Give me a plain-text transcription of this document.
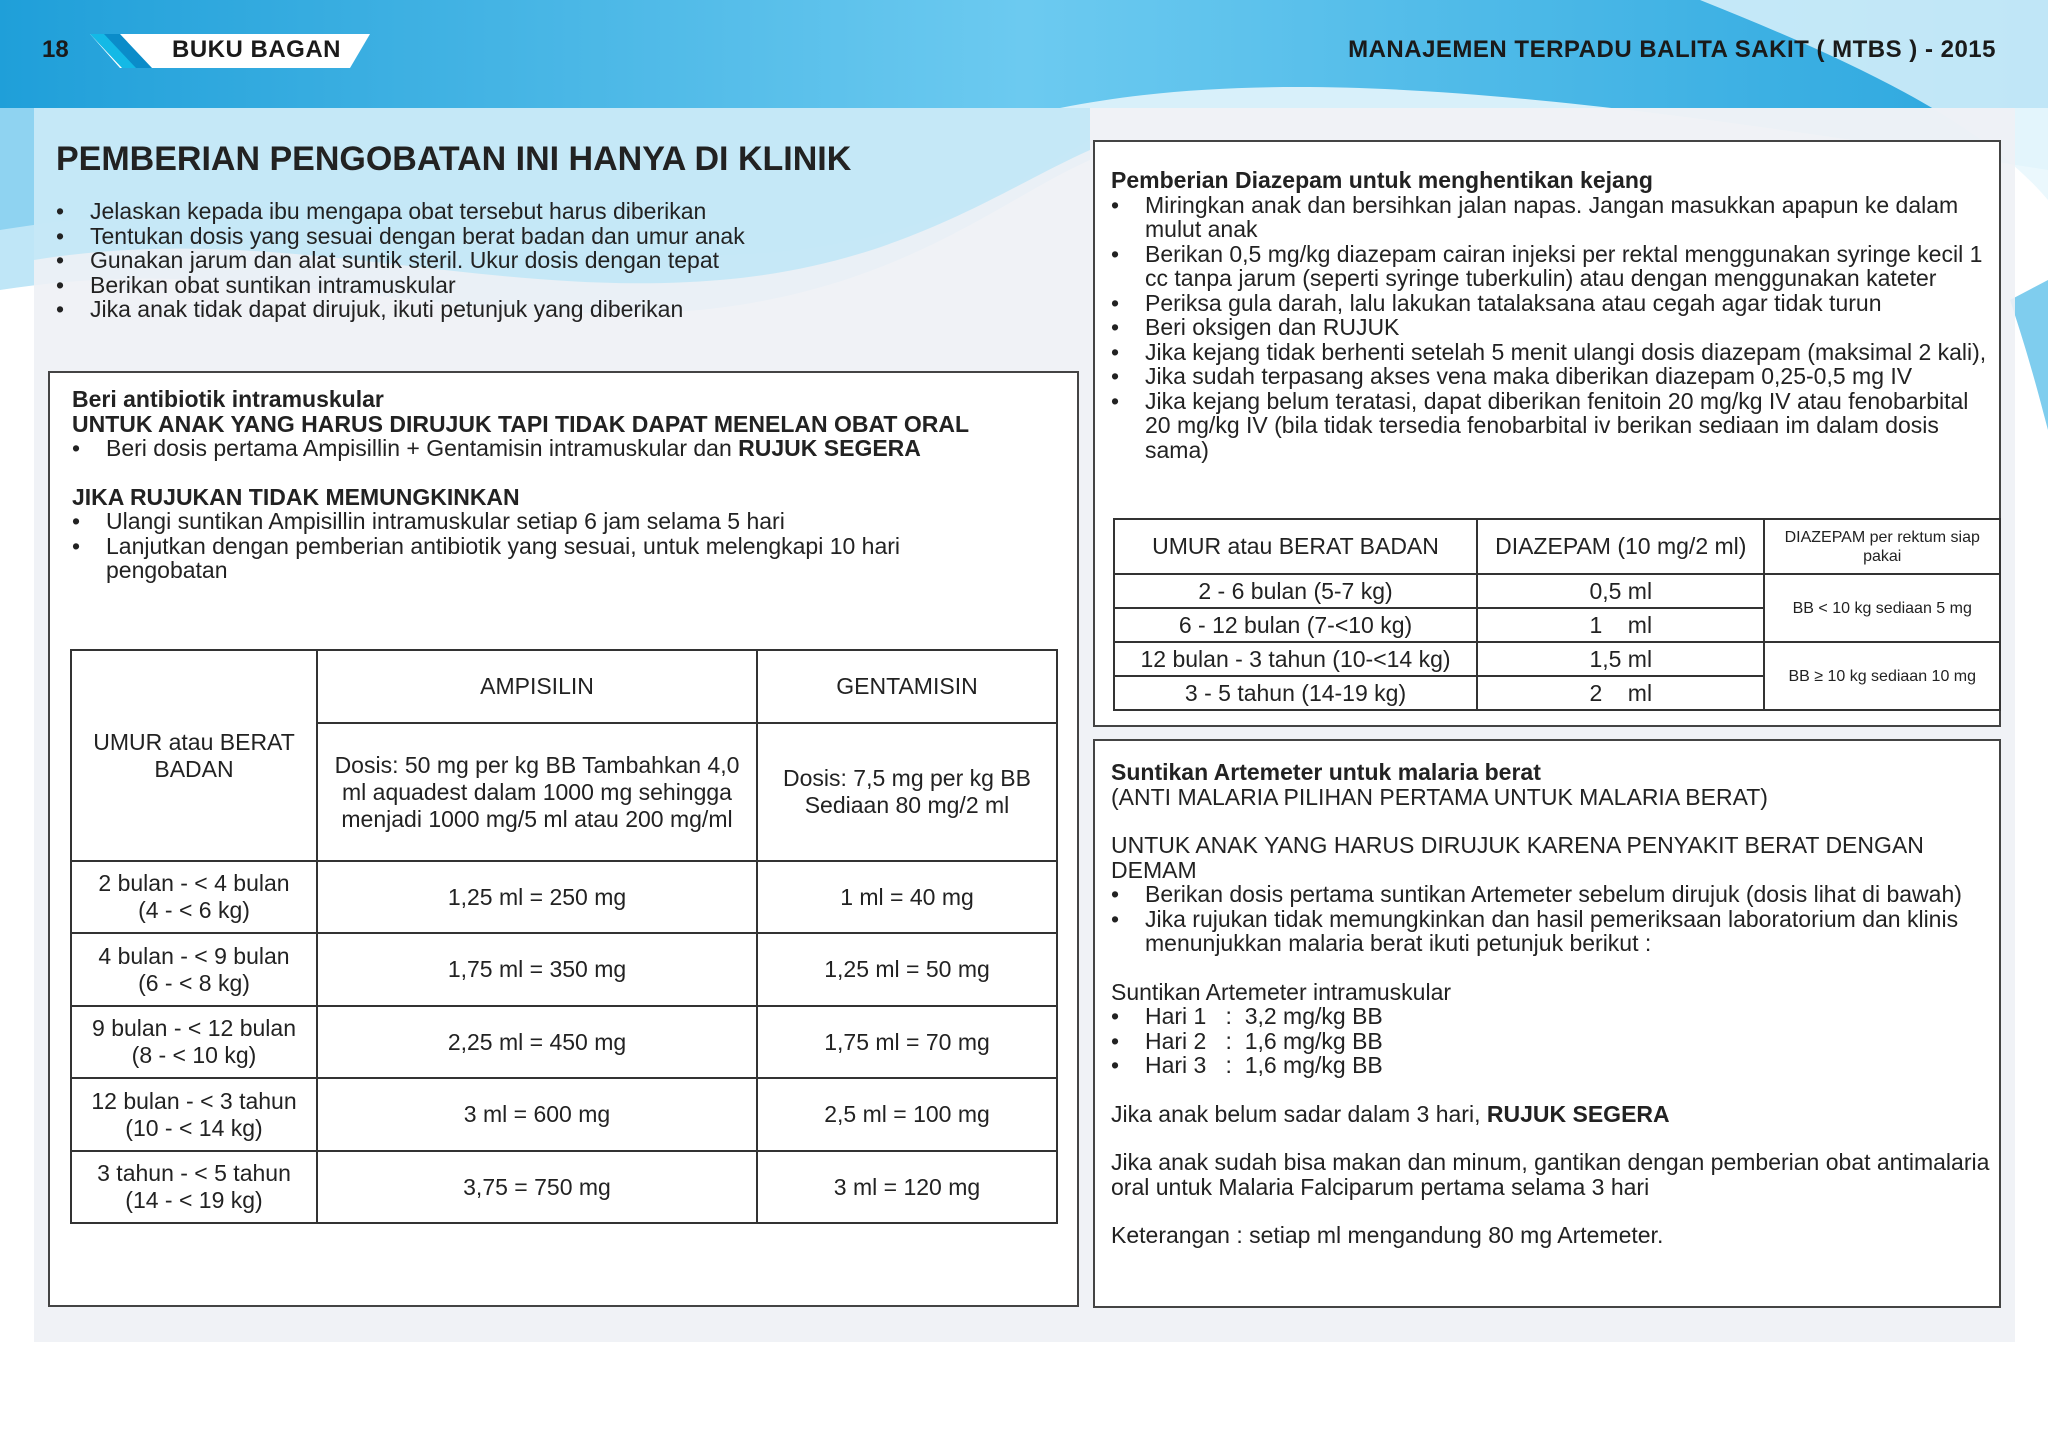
18	BUKU BAGAN	MANAJEMEN TERPADU BALITA SAKIT ( MTBS ) - 2015
PEMBERIAN PENGOBATAN INI HANYA DI KLINIK
• Jelaskan kepada ibu mengapa obat tersebut harus diberikan
• Tentukan dosis yang sesuai dengan berat badan dan umur anak
• Gunakan jarum dan alat suntik steril. Ukur dosis dengan tepat
• Berikan obat suntikan intramuskular
• Jika anak tidak dapat dirujuk, ikuti petunjuk yang diberikan
Beri antibiotik intramuskular
UNTUK ANAK YANG HARUS DIRUJUK TAPI TIDAK DAPAT MENELAN OBAT ORAL
• Beri dosis pertama Ampisillin + Gentamisin intramuskular dan RUJUK SEGERA
JIKA RUJUKAN TIDAK MEMUNGKINKAN
• Ulangi suntikan Ampisillin intramuskular setiap 6 jam selama 5 hari
• Lanjutkan dengan pemberian antibiotik yang sesuai, untuk melengkapi 10 hari pengobatan
UMUR atau BERAT BADAN	AMPISILIN	GENTAMISIN
	Dosis: 50 mg per kg BB Tambahkan 4,0 ml aquadest dalam 1000 mg sehingga menjadi 1000 mg/5 ml atau 200 mg/ml	Dosis: 7,5 mg per kg BB Sediaan 80 mg/2 ml

2 bulan - < 4 bulan
(4 - < 6 kg)	1,25 ml = 250 mg	1 ml = 40 mg

4 bulan - < 9 bulan
(6 - < 8 kg)	1,75 ml = 350 mg	1,25 ml = 50 mg

9 bulan - < 12 bulan
(8 - < 10 kg)	2,25 ml = 450 mg	1,75 ml = 70 mg

12 bulan - < 3 tahun
(10 - < 14 kg)	3 ml = 600 mg	2,5 ml = 100 mg

3 tahun - < 5 tahun
(14 - < 19 kg)	3,75 = 750 mg	3 ml = 120 mg
Pemberian Diazepam untuk menghentikan kejang
• Miringkan anak dan bersihkan jalan napas. Jangan masukkan apapun ke dalam mulut anak
• Berikan 0,5 mg/kg diazepam cairan injeksi per rektal menggunakan syringe kecil 1 cc tanpa jarum (seperti syringe tuberkulin) atau dengan menggunakan kateter
• Periksa gula darah, lalu lakukan tatalaksana atau cegah agar tidak turun
• Beri oksigen dan RUJUK
• Jika kejang tidak berhenti setelah 5 menit ulangi dosis diazepam (maksimal 2 kali),
• Jika sudah terpasang akses vena maka diberikan diazepam 0,25-0,5 mg IV
• Jika kejang belum teratasi, dapat diberikan fenitoin 20 mg/kg IV atau fenobarbital 20 mg/kg IV (bila tidak tersedia fenobarbital iv berikan sediaan im dalam dosis sama)
UMUR atau BERAT BADAN	DIAZEPAM (10 mg/2 ml)	DIAZEPAM per rektum siap pakai
2 - 6 bulan (5-7 kg)	0,5 ml	BB < 10 kg sediaan 5 mg
6 - 12 bulan (7-<10 kg)	1    ml	
12 bulan - 3 tahun (10-<14 kg)	1,5 ml	BB ≥ 10 kg sediaan 10 mg
3 - 5 tahun (14-19 kg)	2    ml	
Suntikan Artemeter untuk malaria berat
(ANTI MALARIA PILIHAN PERTAMA UNTUK MALARIA BERAT)
UNTUK ANAK YANG HARUS DIRUJUK KARENA PENYAKIT BERAT DENGAN DEMAM
• Berikan dosis pertama suntikan Artemeter sebelum dirujuk (dosis lihat di bawah)
• Jika rujukan tidak memungkinkan dan hasil pemeriksaan laboratorium dan klinis menunjukkan malaria berat ikuti petunjuk berikut :
Suntikan Artemeter intramuskular
• Hari 1   :  3,2 mg/kg BB
• Hari 2   :  1,6 mg/kg BB
• Hari 3   :  1,6 mg/kg BB
Jika anak belum sadar dalam 3 hari, RUJUK SEGERA
Jika anak sudah bisa makan dan minum, gantikan dengan pemberian obat antimalaria oral untuk Malaria Falciparum pertama selama 3 hari
Keterangan : setiap ml mengandung 80 mg Artemeter.
